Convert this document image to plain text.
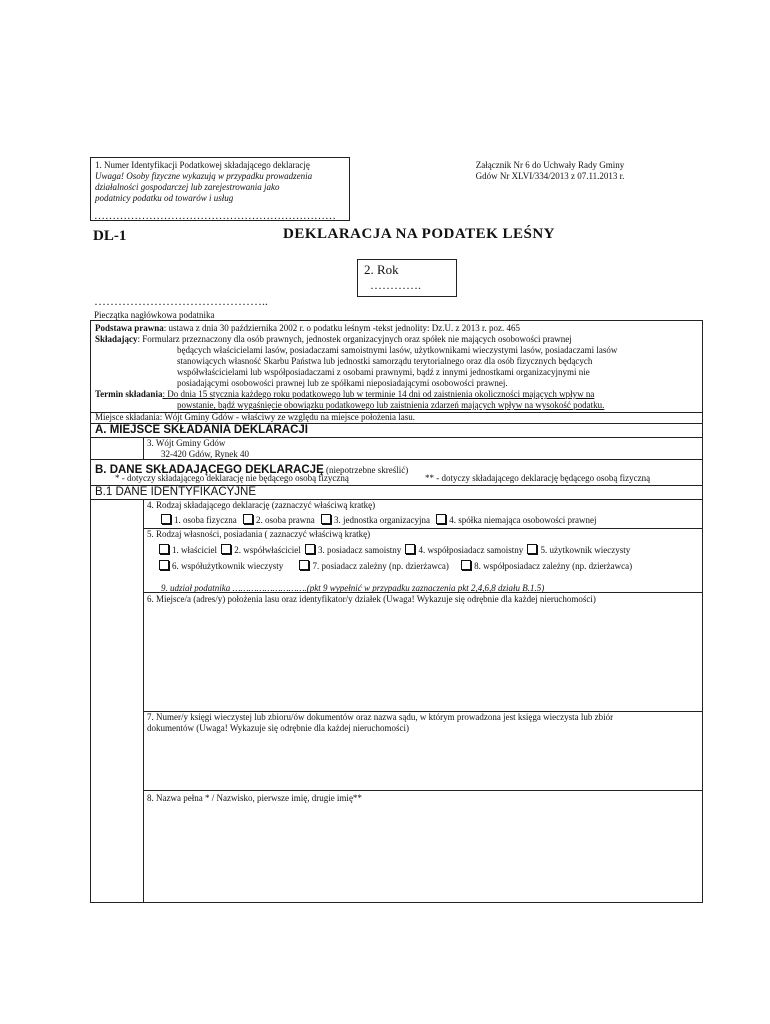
1. Numer Identyfikacji Podatkowej składającego deklarację
Uwaga! Osoby fizyczne wykazują w przypadku prowadzenia
działalności gospodarczej lub zarejestrowania jako
podatnicy podatku od towarów i usług
…………………………………………………………
Załącznik Nr 6 do Uchwały Rady Gminy
Gdów Nr XLVI/334/2013 z 07.11.2013 r.
DL-1	DEKLARACJA NA PODATEK LEŚNY
2. Rok
………….
……………………………………..
Pieczątka nagłówkowa podatnika
Podstawa prawna: ustawa z dnia 30 października 2002 r. o podatku leśnym -tekst jednolity: Dz.U. z 2013 r. poz. 465
Składający: Formularz przeznaczony dla osób prawnych, jednostek organizacyjnych oraz spółek nie mających osobowości prawnej
będących właścicielami lasów, posiadaczami samoistnymi lasów, użytkownikami wieczystymi lasów, posiadaczami lasów
stanowiących własność Skarbu Państwa lub jednostki samorządu terytorialnego oraz dla osób fizycznych będących
współwłaścicielami lub współposiadaczami z osobami prawnymi, bądź z innymi jednostkami organizacyjnymi nie
posiadającymi osobowości prawnej lub ze spółkami nieposiadającymi osobowości prawnej.
Termin składania: Do dnia 15 stycznia każdego roku podatkowego lub w terminie 14 dni od zaistnienia okoliczności mających wpływ na
powstanie, bądź wygaśnięcie obowiązku podatkowego lub zaistnienia zdarzeń mających wpływ na wysokość podatku.
Miejsce składania: Wójt Gminy Gdów - właściwy ze względu na miejsce położenia lasu.
A. MIEJSCE SKŁADANIA DEKLARACJI
3. Wójt Gminy Gdów
32-420 Gdów, Rynek 40
B. DANE SKŁADAJĄCEGO DEKLARACJĘ (niepotrzebne skreślić)
* - dotyczy składającego deklarację nie będącego osobą fizyczną	** - dotyczy składającego deklarację będącego osobą fizyczną
B.1 DANE IDENTYFIKACYJNE
4. Rodzaj składającego deklarację (zaznaczyć właściwą kratkę)
1. osoba fizyczna 2. osoba prawna 3. jednostka organizacyjna 4. spółka niemająca osobowości prawnej
5. Rodzaj własności, posiadania ( zaznaczyć właściwą kratkę)
1. właściciel 2. współwłaściciel 3. posiadacz samoistny 4. współposiadacz samoistny 5. użytkownik wieczysty
6. współużytkownik wieczysty	7. posiadacz zależny (np. dzierżawca)	8. współposiadacz zależny (np. dzierżawca)
9. udział podatnika ……………………….(pkt 9 wypełnić w przypadku zaznaczenia pkt 2,4,6,8 działu B.1.5)
6. Miejsce/a (adres/y) położenia lasu oraz identyfikator/y działek (Uwaga! Wykazuje się odrębnie dla każdej nieruchomości)
7. Numer/y księgi wieczystej lub zbioru/ów dokumentów oraz nazwa sądu, w którym prowadzona jest księga wieczysta lub zbiór
dokumentów (Uwaga! Wykazuje się odrębnie dla każdej nieruchomości)
8. Nazwa pełna * / Nazwisko, pierwsze imię, drugie imię**
